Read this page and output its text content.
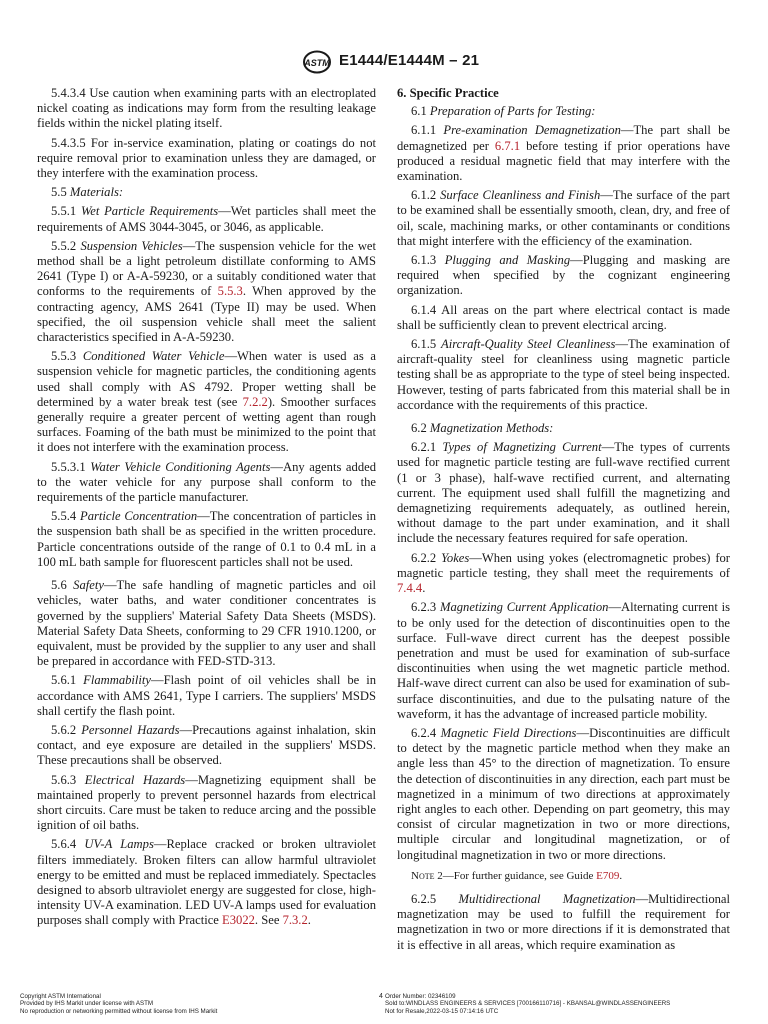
ASTM E1444/E1444M – 21

5.4.3.4 Use caution when examining parts with an electroplated nickel coating as indications may form from the resulting leakage fields within the nickel plating itself.

5.4.3.5 For in-service examination, plating or coatings do not require removal prior to examination unless they are damaged, or they interfere with the examination process.

5.5 Materials:

5.5.1 Wet Particle Requirements—Wet particles shall meet the requirements of AMS 3044-3045, or 3046, as applicable.

5.5.2 Suspension Vehicles—The suspension vehicle for the wet method shall be a light petroleum distillate conforming to AMS 2641 (Type I) or A-A-59230, or a suitably conditioned water that conforms to the requirements of 5.5.3. When approved by the contracting agency, AMS 2641 (Type II) may be used. When specified, the oil suspension vehicle shall meet the salient characteristics specified in A-A-59230.

5.5.3 Conditioned Water Vehicle—When water is used as a suspension vehicle for magnetic particles, the conditioning agents used shall comply with AS 4792. Proper wetting shall be determined by a water break test (see 7.2.2). Smoother surfaces generally require a greater percent of wetting agent than rough surfaces. Foaming of the bath must be minimized to the point that it does not interfere with the examination process.

5.5.3.1 Water Vehicle Conditioning Agents—Any agents added to the water vehicle for any purpose shall conform to the requirements of the particle manufacturer.

5.5.4 Particle Concentration—The concentration of particles in the suspension bath shall be as specified in the written procedure. Particle concentrations outside of the range of 0.1 to 0.4 mL in a 100 mL bath sample for fluorescent particles shall not be used.

5.6 Safety—The safe handling of magnetic particles and oil vehicles, water baths, and water conditioner concentrates is governed by the suppliers' Material Safety Data Sheets (MSDS). Material Safety Data Sheets, conforming to 29 CFR 1910.1200, or equivalent, must be provided by the supplier to any user and shall be prepared in accordance with FED-STD-313.

5.6.1 Flammability—Flash point of oil vehicles shall be in accordance with AMS 2641, Type I carriers. The suppliers' MSDS shall certify the flash point.

5.6.2 Personnel Hazards—Precautions against inhalation, skin contact, and eye exposure are detailed in the suppliers' MSDS. These precautions shall be observed.

5.6.3 Electrical Hazards—Magnetizing equipment shall be maintained properly to prevent personnel hazards from electrical short circuits. Care must be taken to reduce arcing and the possible ignition of oil baths.

5.6.4 UV-A Lamps—Replace cracked or broken ultraviolet filters immediately. Broken filters can allow harmful ultraviolet energy to be emitted and must be replaced immediately. Spectacles designed to absorb ultraviolet energy are suggested for close, high-intensity UV-A examination. LED UV-A lamps used for evaluation purposes shall comply with Practice E3022. See 7.3.2.

6. Specific Practice

6.1 Preparation of Parts for Testing:

6.1.1 Pre-examination Demagnetization—The part shall be demagnetized per 6.7.1 before testing if prior operations have produced a residual magnetic field that may interfere with the examination.

6.1.2 Surface Cleanliness and Finish—The surface of the part to be examined shall be essentially smooth, clean, dry, and free of oil, scale, machining marks, or other contaminants or conditions that might interfere with the efficiency of the examination.

6.1.3 Plugging and Masking—Plugging and masking are required when specified by the cognizant engineering organization.

6.1.4 All areas on the part where electrical contact is made shall be sufficiently clean to prevent electrical arcing.

6.1.5 Aircraft-Quality Steel Cleanliness—The examination of aircraft-quality steel for cleanliness using magnetic particle testing shall be as appropriate to the type of steel being inspected. However, testing of parts fabricated from this material shall be in accordance with the requirements of this practice.

6.2 Magnetization Methods:

6.2.1 Types of Magnetizing Current—The types of currents used for magnetic particle testing are full-wave rectified current (1 or 3 phase), half-wave rectified current, and alternating current. The equipment used shall fulfill the magnetizing and demagnetizing requirements adequately, as outlined herein, without damage to the part under examination, and it shall include the necessary features required for safe operation.

6.2.2 Yokes—When using yokes (electromagnetic probes) for magnetic particle testing, they shall meet the requirements of 7.4.4.

6.2.3 Magnetizing Current Application—Alternating current is to be only used for the detection of discontinuities open to the surface. Full-wave direct current has the deepest possible penetration and must be used for examination of sub-surface discontinuities when using the wet magnetic particle method. Half-wave direct current can also be used for examination of sub-surface discontinuities, and due to the pulsating nature of the waveform, it has the advantage of increased particle mobility.

6.2.4 Magnetic Field Directions—Discontinuities are difficult to detect by the magnetic particle method when they make an angle less than 45° to the direction of magnetization. To ensure the detection of discontinuities in any direction, each part must be magnetized in a minimum of two directions at approximately right angles to each other. Depending on part geometry, this may consist of circular magnetization in two or more directions, multiple circular and longitudinal magnetization, or of longitudinal magnetization in two or more directions.

Note 2—For further guidance, see Guide E709.

6.2.5 Multidirectional Magnetization—Multidirectional magnetization may be used to fulfill the requirement for magnetization in two or more directions if it is demonstrated that it is effective in all areas, which require examination as

Copyright ASTM International
Provided by IHS Markit under license with ASTM
No reproduction or networking permitted without license from IHS Markit
4 Order Number: 02346109
Sold to:WINDLASS ENGINEERS & SERVICES [700166110716] - KBANSAL@WINDLASSENGINEERS
Not for Resale,2022-03-15 07:14:16 UTC
